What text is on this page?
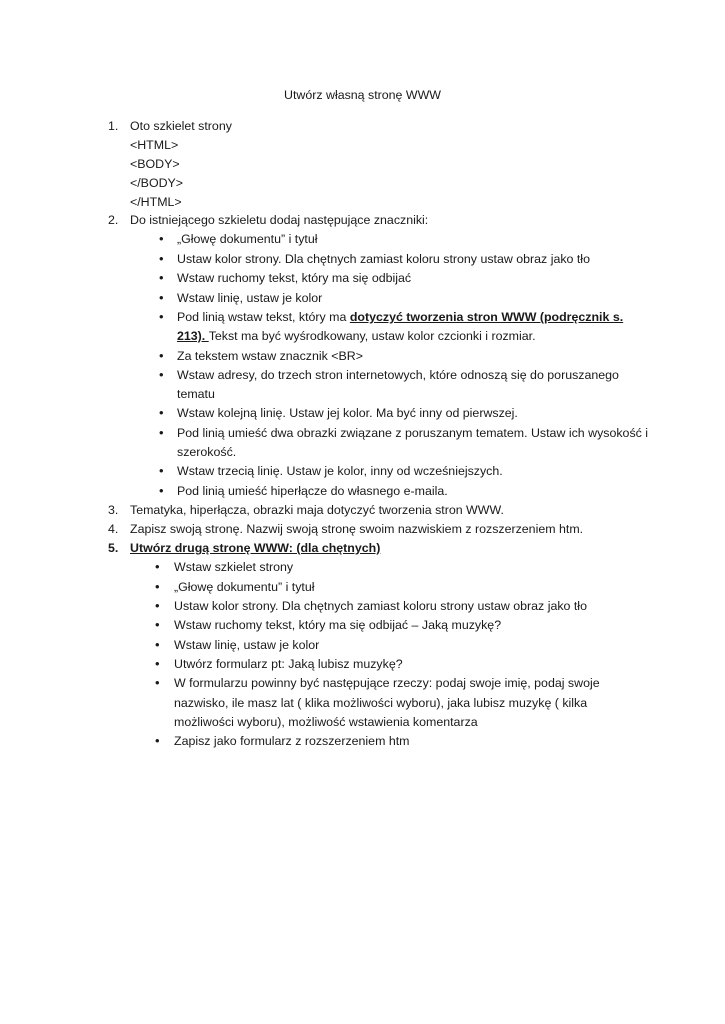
Utwórz własną stronę WWW
1. Oto szkielet strony
<HTML>
<BODY>
</BODY>
</HTML>
2. Do istniejącego szkieletu dodaj następujące znaczniki:
• „Głowę dokumentu” i tytuł
• Ustaw kolor strony. Dla chętnych zamiast koloru strony ustaw obraz jako tło
• Wstaw ruchomy tekst, który ma się odbijać
• Wstaw linię, ustaw je kolor
• Pod linią wstaw tekst, który ma dotyczyć tworzenia stron WWW (podręcznik s.
213). Tekst ma być wyśrodkowany, ustaw kolor czcionki i rozmiar.
• Za tekstem wstaw znacznik <BR>
• Wstaw adresy, do trzech stron internetowych, które odnoszą się do poruszanego
tematu
• Wstaw kolejną linię. Ustaw jej kolor. Ma być inny od pierwszej.
• Pod linią umieść dwa obrazki związane z poruszanym tematem. Ustaw ich wysokość i
szerokość.
• Wstaw trzecią linię. Ustaw je kolor, inny od wcześniejszych.
• Pod linią umieść hiperłącze do własnego e-maila.
3. Tematyka, hiperłącza, obrazki maja dotyczyć tworzenia stron WWW.
4. Zapisz swoją stronę. Nazwij swoją stronę swoim nazwiskiem z rozszerzeniem htm.
5. Utwórz drugą stronę WWW: (dla chętnych)
• Wstaw szkielet strony
• „Głowę dokumentu” i tytuł
• Ustaw kolor strony. Dla chętnych zamiast koloru strony ustaw obraz jako tło
• Wstaw ruchomy tekst, który ma się odbijać – Jaką muzykę?
• Wstaw linię, ustaw je kolor
• Utwórz formularz pt: Jaką lubisz muzykę?
• W formularzu powinny być następujące rzeczy: podaj swoje imię, podaj swoje
nazwisko, ile masz lat ( klika możliwości wyboru), jaka lubisz muzykę ( kilka
możliwości wyboru), możliwość wstawienia komentarza
• Zapisz jako formularz z rozszerzeniem htm
